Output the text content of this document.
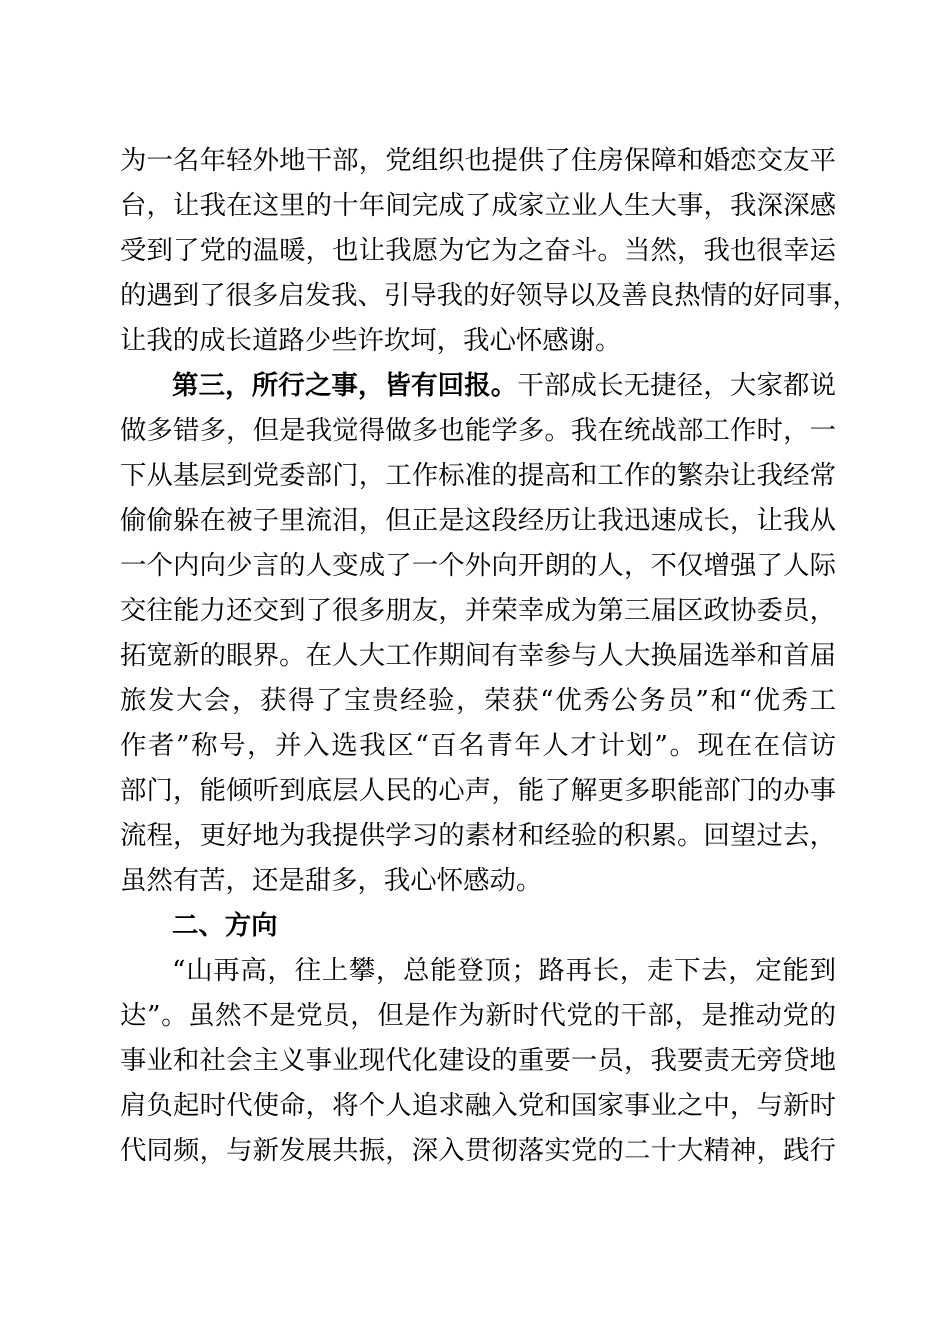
为一名年轻外地干部，党组织也提供了住房保障和婚恋交友平
台，让我在这里的十年间完成了成家立业人生大事，我深深感
受到了党的温暖，也让我愿为它为之奋斗。当然，我也很幸运
的遇到了很多启发我、引导我的好领导以及善良热情的好同事，
让我的成长道路少些许坎坷，我心怀感谢。
第三，所行之事，皆有回报。干部成长无捷径，大家都说
做多错多，但是我觉得做多也能学多。我在统战部工作时，一
下从基层到党委部门，工作标准的提高和工作的繁杂让我经常
偷偷躲在被子里流泪，但正是这段经历让我迅速成长，让我从
一个内向少言的人变成了一个外向开朗的人，不仅增强了人际
交往能力还交到了很多朋友，并荣幸成为第三届区政协委员，
拓宽新的眼界。在人大工作期间有幸参与人大换届选举和首届
旅发大会，获得了宝贵经验，荣获“优秀公务员”和“优秀工
作者”称号，并入选我区“百名青年人才计划”。现在在信访
部门，能倾听到底层人民的心声，能了解更多职能部门的办事
流程，更好地为我提供学习的素材和经验的积累。回望过去，
虽然有苦，还是甜多，我心怀感动。
二、方向
“山再高，往上攀，总能登顶；路再长，走下去，定能到
达”。虽然不是党员，但是作为新时代党的干部，是推动党的
事业和社会主义事业现代化建设的重要一员，我要责无旁贷地
肩负起时代使命，将个人追求融入党和国家事业之中，与新时
代同频，与新发展共振，深入贯彻落实党的二十大精神，践行
